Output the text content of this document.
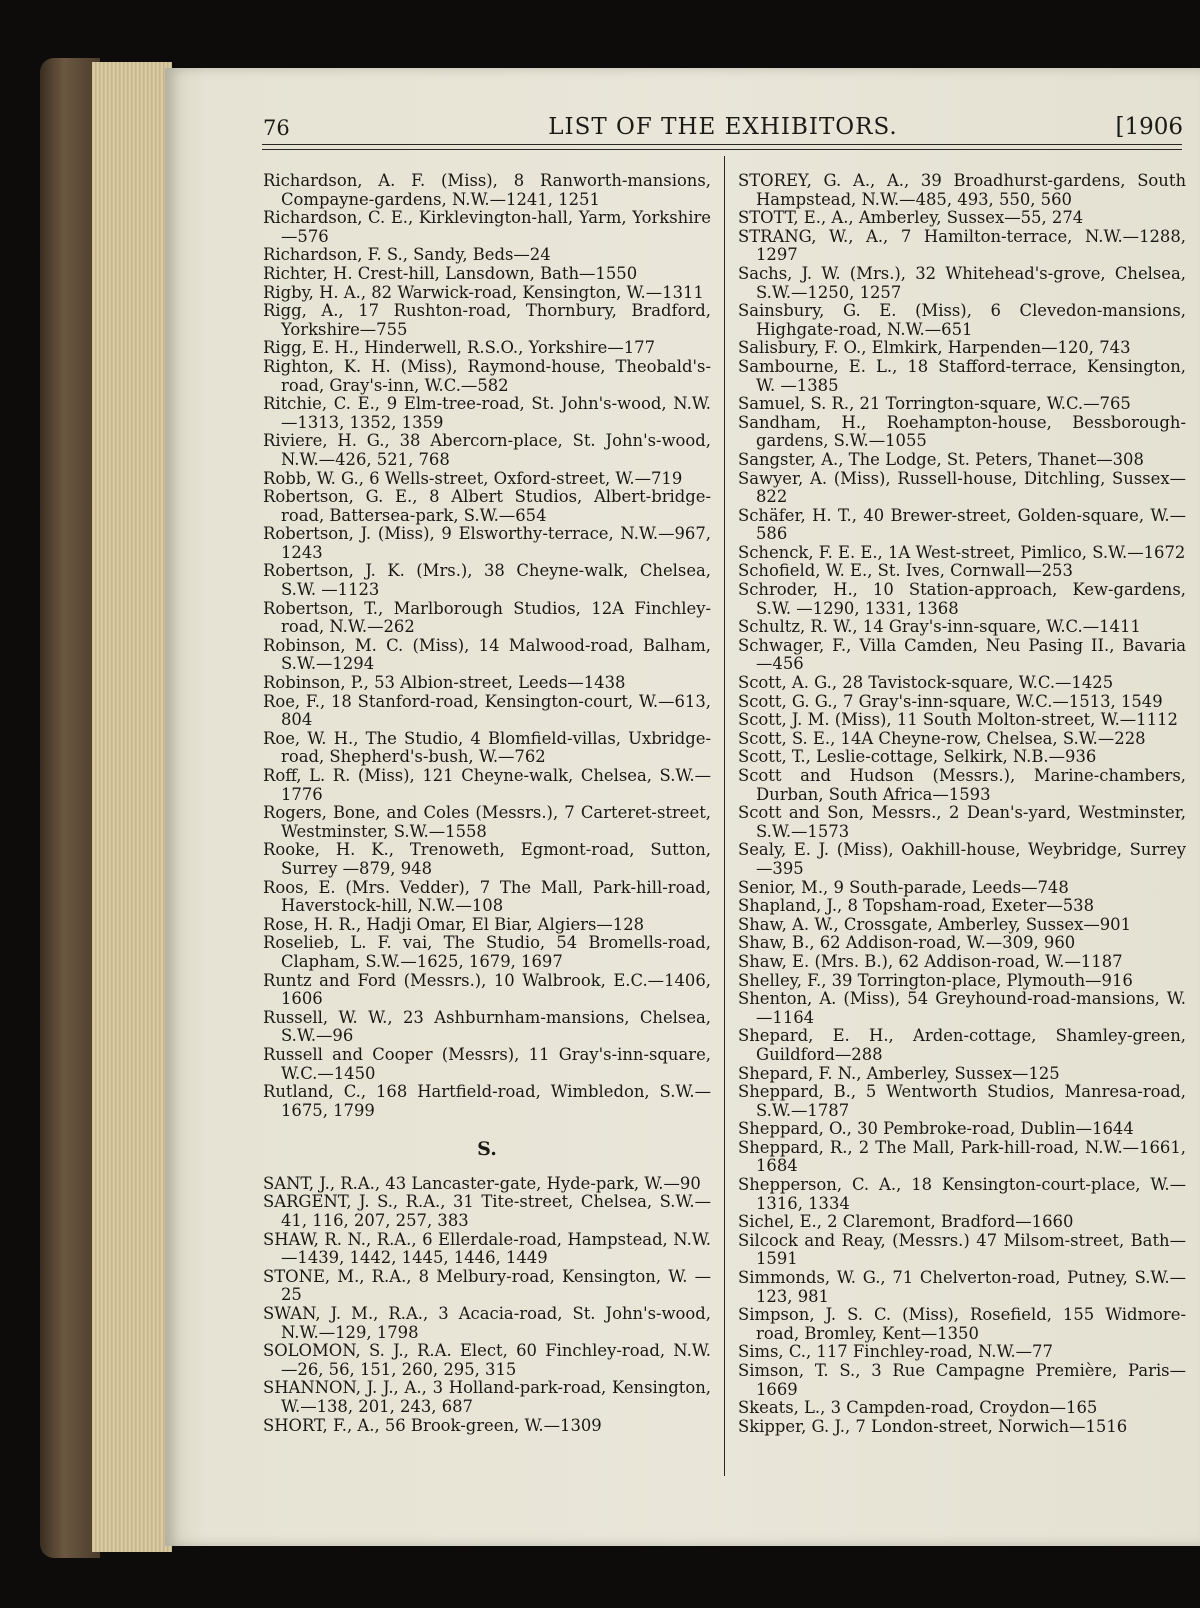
76	LIST OF THE EXHIBITORS.	[1906

Richardson, A. F. (Miss), 8 Ranworth-mansions, Compayne-gardens, N.W.—1241, 1251

Richardson, C. E., Kirklevington-hall, Yarm, Yorkshire—576

Richardson, F. S., Sandy, Beds—24

Richter, H. Crest-hill, Lansdown, Bath—1550

Rigby, H. A., 82 Warwick-road, Kensington, W.—1311

Rigg, A., 17 Rushton-road, Thornbury, Bradford, Yorkshire—755

Rigg, E. H., Hinderwell, R.S.O., Yorkshire—177

Righton, K. H. (Miss), Raymond-house, Theobald's-road, Gray's-inn, W.C.—582

Ritchie, C. E., 9 Elm-tree-road, St. John's-wood, N.W. —1313, 1352, 1359

Riviere, H. G., 38 Abercorn-place, St. John's-wood, N.W.—426, 521, 768

Robb, W. G., 6 Wells-street, Oxford-street, W.—719

Robertson, G. E., 8 Albert Studios, Albert-bridge-road, Battersea-park, S.W.—654

Robertson, J. (Miss), 9 Elsworthy-terrace, N.W.—967, 1243

Robertson, J. K. (Mrs.), 38 Cheyne-walk, Chelsea, S.W. —1123

Robertson, T., Marlborough Studios, 12A Finchley-road, N.W.—262

Robinson, M. C. (Miss), 14 Malwood-road, Balham, S.W.—1294

Robinson, P., 53 Albion-street, Leeds—1438

Roe, F., 18 Stanford-road, Kensington-court, W.—613, 804

Roe, W. H., The Studio, 4 Blomfield-villas, Uxbridge-road, Shepherd's-bush, W.—762

Roff, L. R. (Miss), 121 Cheyne-walk, Chelsea, S.W.—1776

Rogers, Bone, and Coles (Messrs.), 7 Carteret-street, Westminster, S.W.—1558

Rooke, H. K., Trenoweth, Egmont-road, Sutton, Surrey —879, 948

Roos, E. (Mrs. Vedder), 7 The Mall, Park-hill-road, Haverstock-hill, N.W.—108

Rose, H. R., Hadji Omar, El Biar, Algiers—128

Roselieb, L. F. vai, The Studio, 54 Bromells-road, Clapham, S.W.—1625, 1679, 1697

Runtz and Ford (Messrs.), 10 Walbrook, E.C.—1406, 1606

Russell, W. W., 23 Ashburnham-mansions, Chelsea, S.W.—96

Russell and Cooper (Messrs), 11 Gray's-inn-square, W.C.—1450

Rutland, C., 168 Hartfield-road, Wimbledon, S.W.—1675, 1799

S.

SANT, J., R.A., 43 Lancaster-gate, Hyde-park, W.—90

SARGENT, J. S., R.A., 31 Tite-street, Chelsea, S.W.—41, 116, 207, 257, 383

SHAW, R. N., R.A., 6 Ellerdale-road, Hampstead, N.W.—1439, 1442, 1445, 1446, 1449

STONE, M., R.A., 8 Melbury-road, Kensington, W. —25

SWAN, J. M., R.A., 3 Acacia-road, St. John's-wood, N.W.—129, 1798

SOLOMON, S. J., R.A. Elect, 60 Finchley-road, N.W. —26, 56, 151, 260, 295, 315

SHANNON, J. J., A., 3 Holland-park-road, Kensington, W.—138, 201, 243, 687

SHORT, F., A., 56 Brook-green, W.—1309

STOREY, G. A., A., 39 Broadhurst-gardens, South Hampstead, N.W.—485, 493, 550, 560

STOTT, E., A., Amberley, Sussex—55, 274

STRANG, W., A., 7 Hamilton-terrace, N.W.—1288, 1297

Sachs, J. W. (Mrs.), 32 Whitehead's-grove, Chelsea, S.W.—1250, 1257

Sainsbury, G. E. (Miss), 6 Clevedon-mansions, Highgate-road, N.W.—651

Salisbury, F. O., Elmkirk, Harpenden—120, 743

Sambourne, E. L., 18 Stafford-terrace, Kensington, W. —1385

Samuel, S. R., 21 Torrington-square, W.C.—765

Sandham, H., Roehampton-house, Bessborough-gardens, S.W.—1055

Sangster, A., The Lodge, St. Peters, Thanet—308

Sawyer, A. (Miss), Russell-house, Ditchling, Sussex—822

Schäfer, H. T., 40 Brewer-street, Golden-square, W.—586

Schenck, F. E. E., 1A West-street, Pimlico, S.W.—1672

Schofield, W. E., St. Ives, Cornwall—253

Schroder, H., 10 Station-approach, Kew-gardens, S.W. —1290, 1331, 1368

Schultz, R. W., 14 Gray's-inn-square, W.C.—1411

Schwager, F., Villa Camden, Neu Pasing II., Bavaria —456

Scott, A. G., 28 Tavistock-square, W.C.—1425

Scott, G. G., 7 Gray's-inn-square, W.C.—1513, 1549

Scott, J. M. (Miss), 11 South Molton-street, W.—1112

Scott, S. E., 14A Cheyne-row, Chelsea, S.W.—228

Scott, T., Leslie-cottage, Selkirk, N.B.—936

Scott and Hudson (Messrs.), Marine-chambers, Durban, South Africa—1593

Scott and Son, Messrs., 2 Dean's-yard, Westminster, S.W.—1573

Sealy, E. J. (Miss), Oakhill-house, Weybridge, Surrey —395

Senior, M., 9 South-parade, Leeds—748

Shapland, J., 8 Topsham-road, Exeter—538

Shaw, A. W., Crossgate, Amberley, Sussex—901

Shaw, B., 62 Addison-road, W.—309, 960

Shaw, E. (Mrs. B.), 62 Addison-road, W.—1187

Shelley, F., 39 Torrington-place, Plymouth—916

Shenton, A. (Miss), 54 Greyhound-road-mansions, W. —1164

Shepard, E. H., Arden-cottage, Shamley-green, Guildford—288

Shepard, F. N., Amberley, Sussex—125

Sheppard, B., 5 Wentworth Studios, Manresa-road, S.W.—1787

Sheppard, O., 30 Pembroke-road, Dublin—1644

Sheppard, R., 2 The Mall, Park-hill-road, N.W.—1661, 1684

Shepperson, C. A., 18 Kensington-court-place, W.—1316, 1334

Sichel, E., 2 Claremont, Bradford—1660

Silcock and Reay, (Messrs.) 47 Milsom-street, Bath—1591

Simmonds, W. G., 71 Chelverton-road, Putney, S.W.—123, 981

Simpson, J. S. C. (Miss), Rosefield, 155 Widmore-road, Bromley, Kent—1350

Sims, C., 117 Finchley-road, N.W.—77

Simson, T. S., 3 Rue Campagne Première, Paris—1669

Skeats, L., 3 Campden-road, Croydon—165

Skipper, G. J., 7 London-street, Norwich—1516
